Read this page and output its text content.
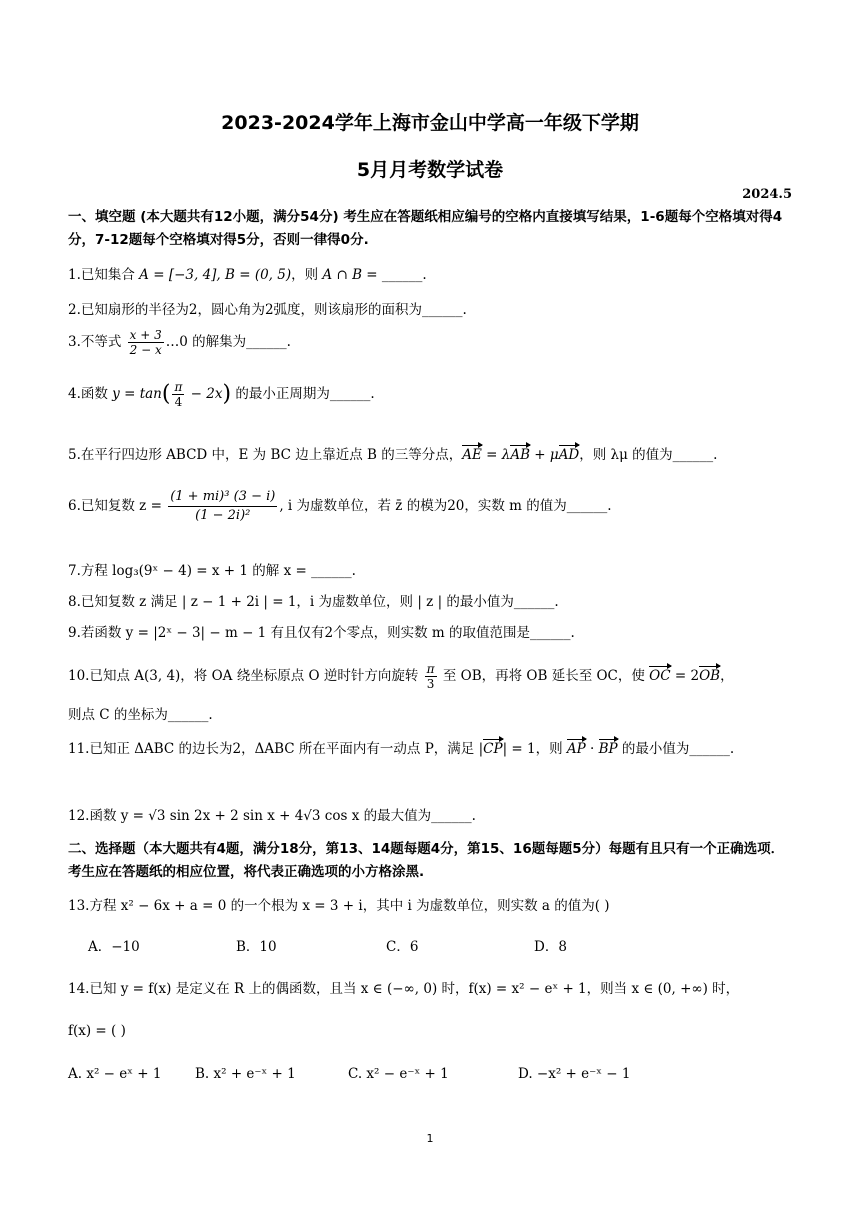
2023-2024学年上海市金山中学高一年级下学期
5月月考数学试卷
2024.5
一、填空题 (本大题共有12小题，满分54分) 考生应在答题纸相应编号的空格内直接填写结果，1-6题每个空格填对得4分，7-12题每个空格填对得5分，否则一律得0分.
1.已知集合 A = [−3, 4], B = (0, 5)，则 A ∩ B = ______.
2.已知扇形的半径为2，圆心角为2弧度，则该扇形的面积为______.
3.不等式 $\frac{x + 3}{2 - x}$ …0 的解集为______.
4.函数 $y = \tan( \frac{\pi}{4} - 2x)$ 的最小正周期为______.
5.在平行四边形 ABCD 中，E 为 BC 边上靠近点 B 的三等分点，AE = λAB + μAD，则 λμ 的值为______.
6.已知复数 $z = \frac{\text{(1 + mi)³ (3 − i)}}{\text{(1 − 2i)²}}$ , i 为虚数单位，若 z̄ 的模为20，实数 m 的值为______.
7.方程 log₃(9ˣ − 4) = x + 1 的解 x = ______.
8.已知复数 z 满足 | z − 1 + 2i | = 1，i 为虚数单位，则 | z | 的最小值为______.
9.若函数 y = |2ˣ − 3| − m − 1 有且仅有2个零点，则实数 m 的取值范围是______.
10.已知点 A(3, 4)，将 OA 绕坐标原点 O 逆时针方向旋转 $\frac{\pi}{3}$ 至 OB，再将 OB 延长至 OC，使 OC = 2OB，
则点 C 的坐标为______.
11.已知正 ΔABC 的边长为2，ΔABC 所在平面内有一动点 P，满足 |CP| = 1，则 AP · BP 的最小值为______.
12.函数 y = √3 sin 2x + 2 sin x + 4√3 cos x 的最大值为______.
二、选择题（本大题共有4题，满分18分，第13、14题每题4分，第15、16题每题5分）每题有且只有一个正确选项．考生应在答题纸的相应位置，将代表正确选项的小方格涂黑.
13.方程 x² − 6x + a = 0 的一个根为 x = 3 + i，其中 i 为虚数单位，则实数 a 的值为( )
A．−10	B．10	C．6	D．8
14.已知 y = f(x) 是定义在 R 上的偶函数，且当 x ∈ (−∞, 0) 时，f(x) = x² − eˣ + 1，则当 x ∈ (0, +∞) 时，
f(x) = ( )
A. x² − eˣ + 1 B. x² + e⁻ˣ + 1	C. x² − e⁻ˣ + 1	D. −x² + e⁻ˣ − 1
1
